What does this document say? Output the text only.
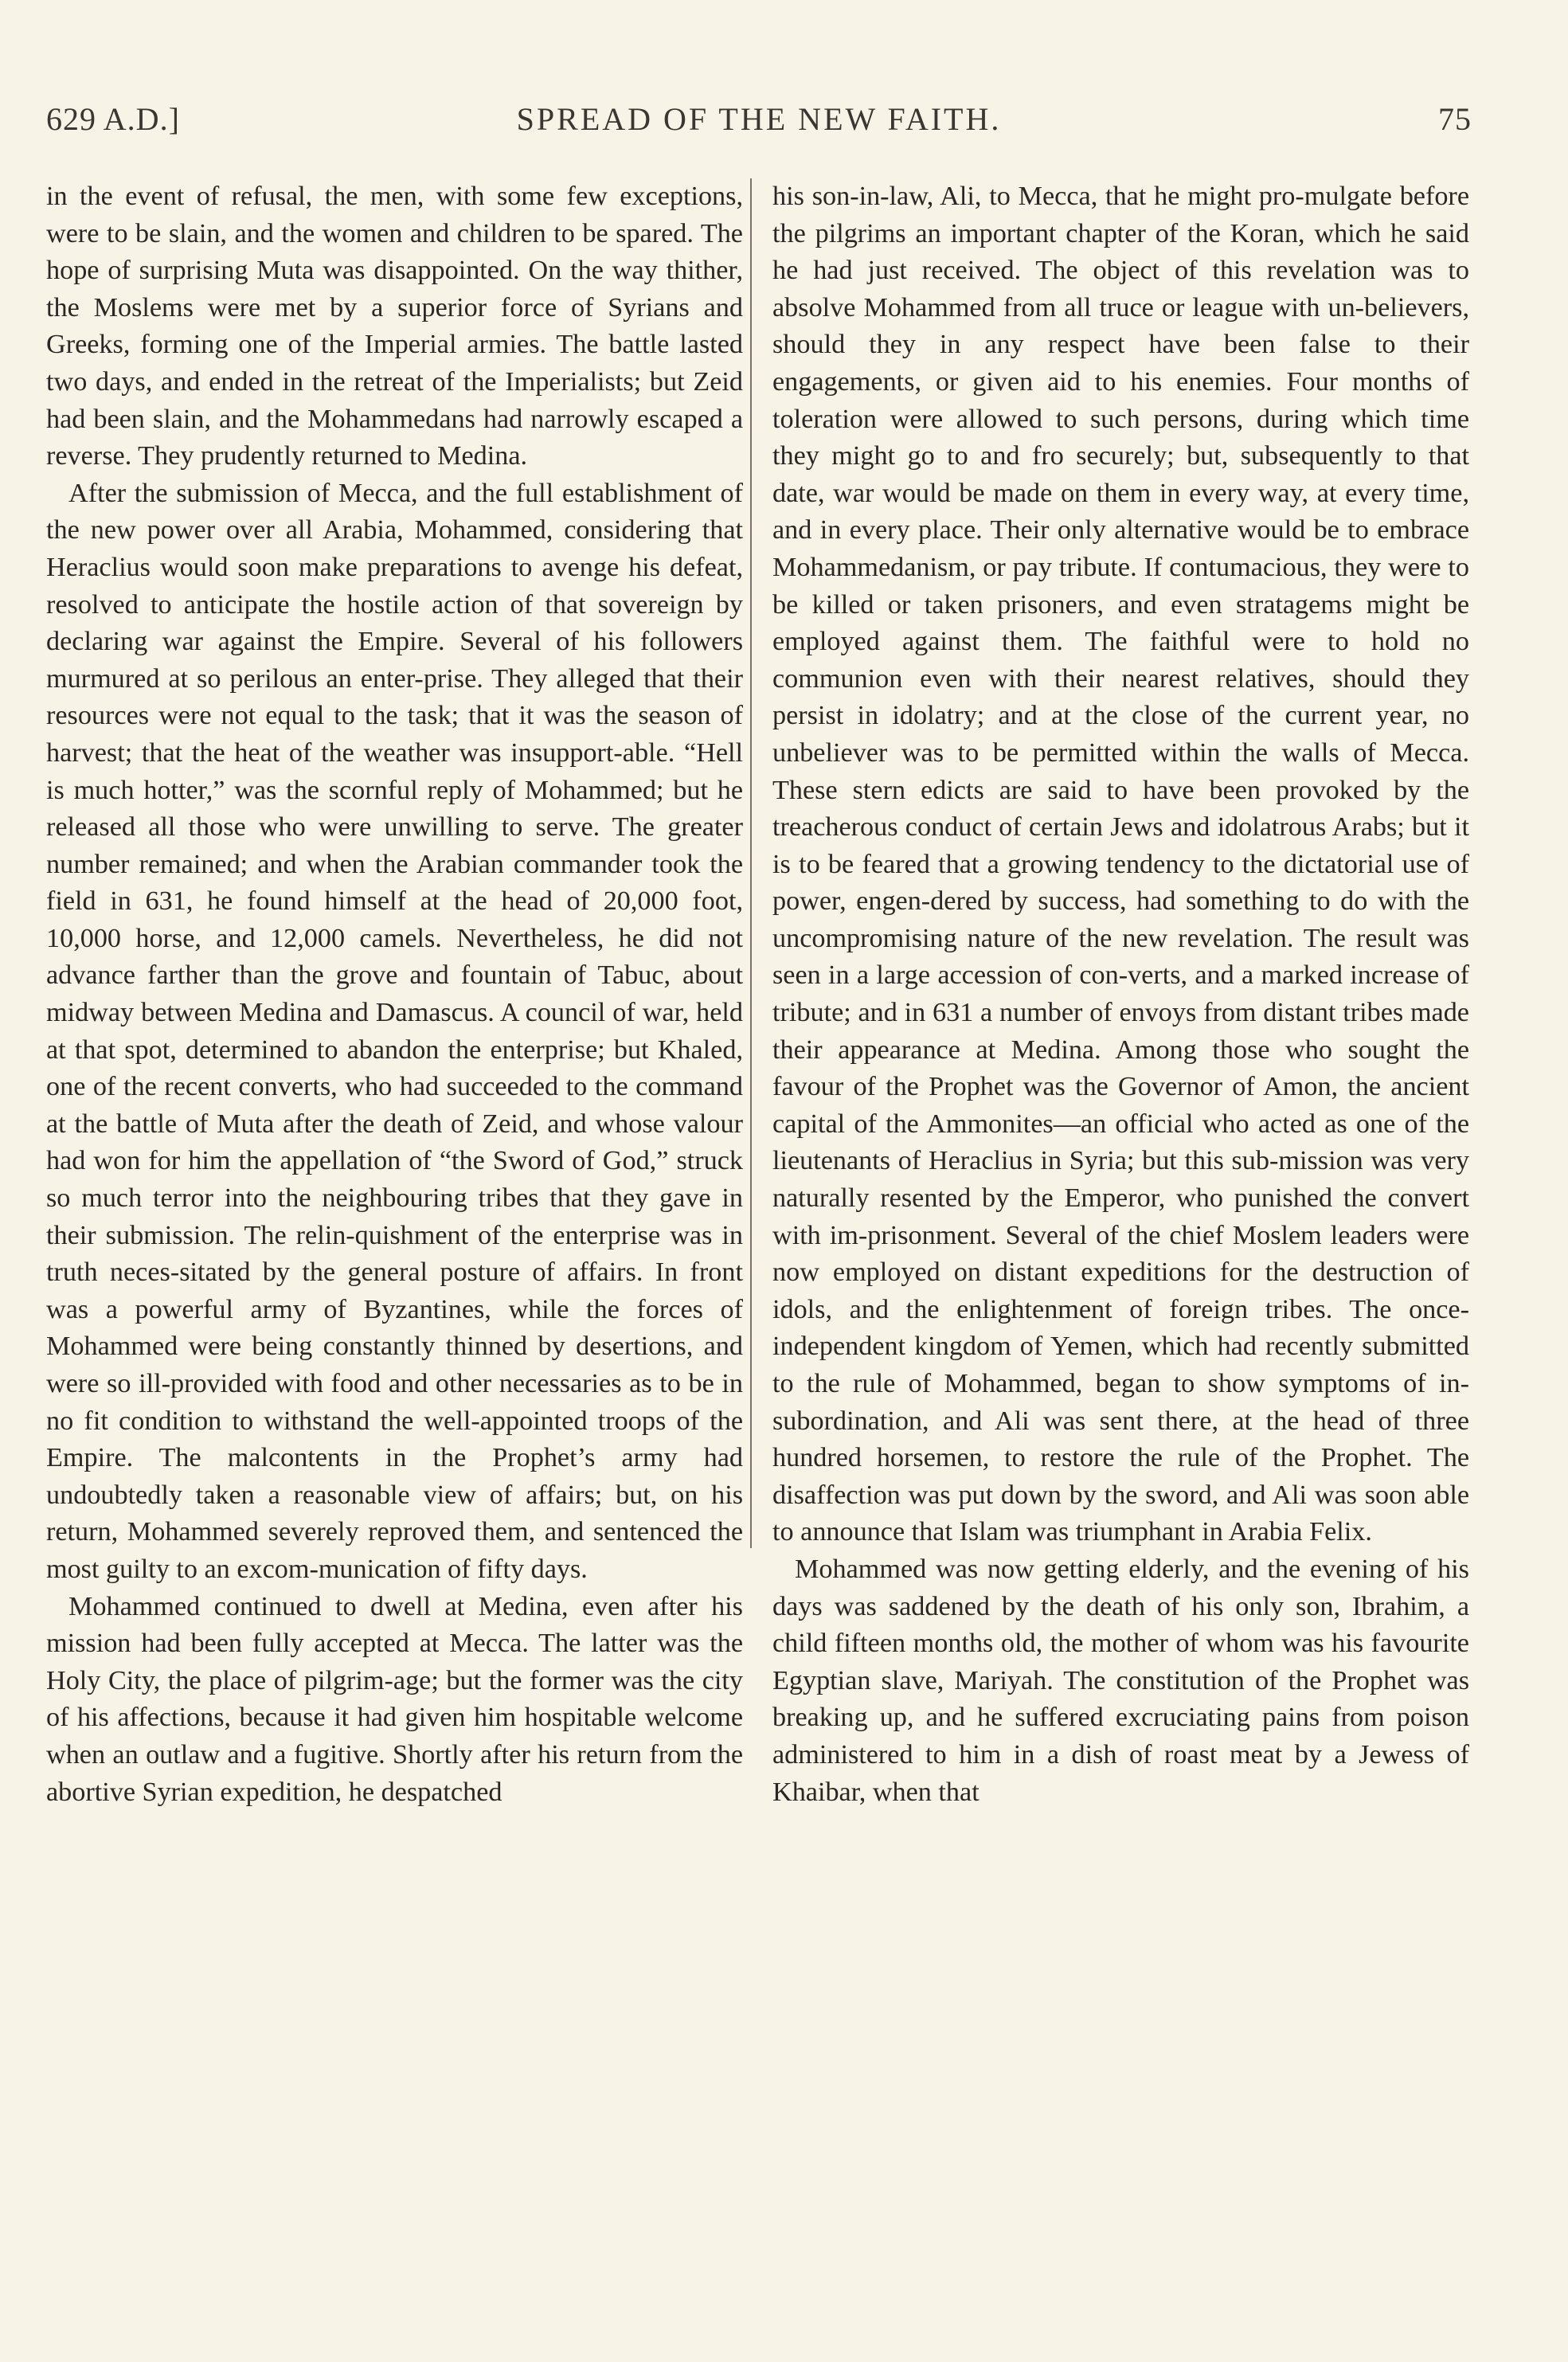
629 A.D.]	SPREAD OF THE NEW FAITH.	75

in the event of refusal, the men, with some few exceptions, were to be slain, and the women and children to be spared. The hope of surprising Muta was disappointed. On the way thither, the Moslems were met by a superior force of Syrians and Greeks, forming one of the Imperial armies. The battle lasted two days, and ended in the retreat of the Imperialists; but Zeid had been slain, and the Mohammedans had narrowly escaped a reverse. They prudently returned to Medina.

After the submission of Mecca, and the full establishment of the new power over all Arabia, Mohammed, considering that Heraclius would soon make preparations to avenge his defeat, resolved to anticipate the hostile action of that sovereign by declaring war against the Empire. Several of his followers murmured at so perilous an enter-prise. They alleged that their resources were not equal to the task; that it was the season of harvest; that the heat of the weather was insupport-able. “Hell is much hotter,” was the scornful reply of Mohammed; but he released all those who were unwilling to serve. The greater number remained; and when the Arabian commander took the field in 631, he found himself at the head of 20,000 foot, 10,000 horse, and 12,000 camels. Nevertheless, he did not advance farther than the grove and fountain of Tabuc, about midway between Medina and Damascus. A council of war, held at that spot, determined to abandon the enterprise; but Khaled, one of the recent converts, who had succeeded to the command at the battle of Muta after the death of Zeid, and whose valour had won for him the appellation of “the Sword of God,” struck so much terror into the neighbouring tribes that they gave in their submission. The relin-quishment of the enterprise was in truth neces-sitated by the general posture of affairs. In front was a powerful army of Byzantines, while the forces of Mohammed were being constantly thinned by desertions, and were so ill-provided with food and other necessaries as to be in no fit condition to withstand the well-appointed troops of the Empire. The malcontents in the Prophet’s army had undoubtedly taken a reasonable view of affairs; but, on his return, Mohammed severely reproved them, and sentenced the most guilty to an excom-munication of fifty days.

Mohammed continued to dwell at Medina, even after his mission had been fully accepted at Mecca. The latter was the Holy City, the place of pilgrim-age; but the former was the city of his affections, because it had given him hospitable welcome when an outlaw and a fugitive. Shortly after his return from the abortive Syrian expedition, he despatched

his son-in-law, Ali, to Mecca, that he might pro-mulgate before the pilgrims an important chapter of the Koran, which he said he had just received. The object of this revelation was to absolve Mohammed from all truce or league with un-believers, should they in any respect have been false to their engagements, or given aid to his enemies. Four months of toleration were allowed to such persons, during which time they might go to and fro securely; but, subsequently to that date, war would be made on them in every way, at every time, and in every place. Their only alternative would be to embrace Mohammedanism, or pay tribute. If contumacious, they were to be killed or taken prisoners, and even stratagems might be employed against them. The faithful were to hold no communion even with their nearest relatives, should they persist in idolatry; and at the close of the current year, no unbeliever was to be permitted within the walls of Mecca. These stern edicts are said to have been provoked by the treacherous conduct of certain Jews and idolatrous Arabs; but it is to be feared that a growing tendency to the dictatorial use of power, engen-dered by success, had something to do with the uncompromising nature of the new revelation. The result was seen in a large accession of con-verts, and a marked increase of tribute; and in 631 a number of envoys from distant tribes made their appearance at Medina. Among those who sought the favour of the Prophet was the Governor of Amon, the ancient capital of the Ammonites—an official who acted as one of the lieutenants of Heraclius in Syria; but this sub-mission was very naturally resented by the Emperor, who punished the convert with im-prisonment. Several of the chief Moslem leaders were now employed on distant expeditions for the destruction of idols, and the enlightenment of foreign tribes. The once-independent kingdom of Yemen, which had recently submitted to the rule of Mohammed, began to show symptoms of in-subordination, and Ali was sent there, at the head of three hundred horsemen, to restore the rule of the Prophet. The disaffection was put down by the sword, and Ali was soon able to announce that Islam was triumphant in Arabia Felix.

Mohammed was now getting elderly, and the evening of his days was saddened by the death of his only son, Ibrahim, a child fifteen months old, the mother of whom was his favourite Egyptian slave, Mariyah. The constitution of the Prophet was breaking up, and he suffered excruciating pains from poison administered to him in a dish of roast meat by a Jewess of Khaibar, when that
